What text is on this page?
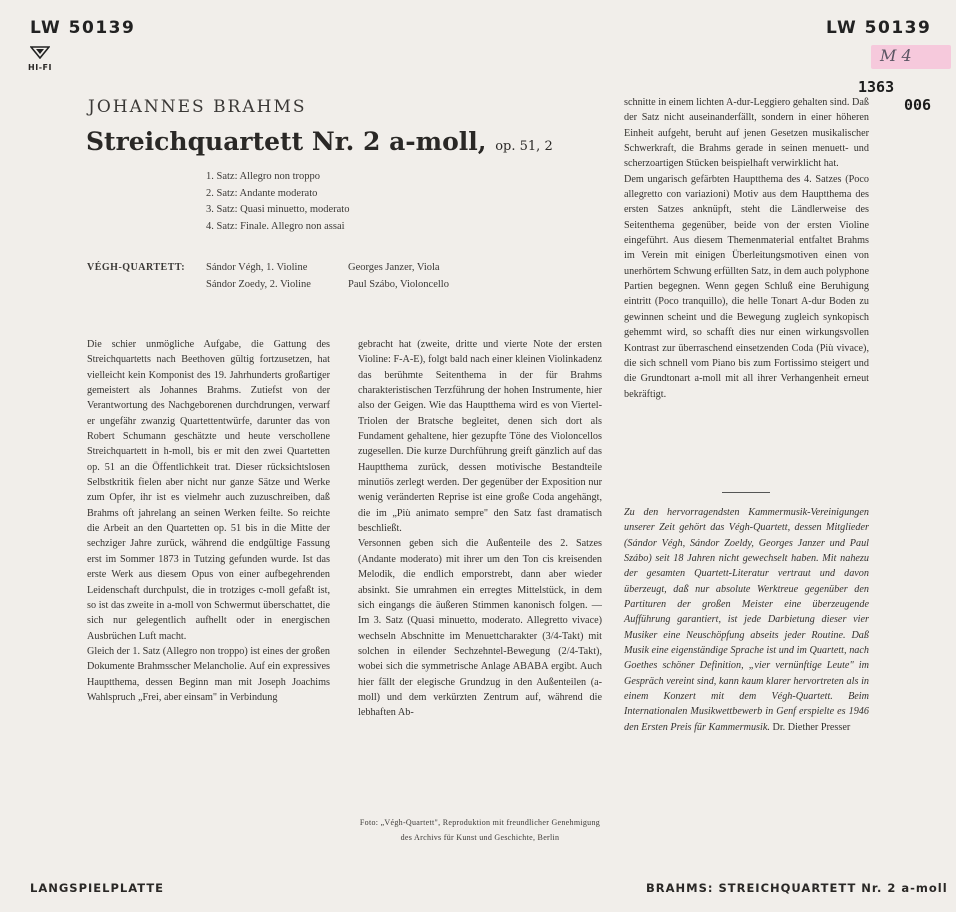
LW 50139
HI-FI
LW 50139
M 4
1363
006
JOHANNES BRAHMS
Streichquartett Nr. 2 a-moll, op. 51, 2
1. Satz: Allegro non troppo
2. Satz: Andante moderato
3. Satz: Quasi minuetto, moderato
4. Satz: Finale. Allegro non assai
VÉGH-QUARTETT: Sándor Végh, 1. Violine
Sándor Zoedy, 2. Violine
Georges Janzer, Viola
Paul Szábo, Violoncello

Die schier unmögliche Aufgabe, die Gattung des Streichquartetts nach Beethoven gültig fortzusetzen, hat vielleicht kein Komponist des 19. Jahrhunderts großartiger gemeistert als Johannes Brahms. Zutiefst von der Verantwortung des Nachgeborenen durchdrungen, verwarf er ungefähr zwanzig Quartettentwürfe, darunter das von Robert Schumann geschätzte und heute verschollene Streichquartett in h-moll, bis er mit den zwei Quartetten op. 51 an die Öffentlichkeit trat. Dieser rücksichtslosen Selbstkritik fielen aber nicht nur ganze Sätze und Werke zum Opfer, ihr ist es vielmehr auch zuzuschreiben, daß Brahms oft jahrelang an seinen Werken feilte. So reichte die Arbeit an den Quartetten op. 51 bis in die Mitte der sechziger Jahre zurück, während die endgültige Fassung erst im Sommer 1873 in Tutzing gefunden wurde. Ist das erste Werk aus diesem Opus von einer aufbegehrenden Leidenschaft durchpulst, die in trotziges c-moll gefaßt ist, so ist das zweite in a-moll von Schwermut überschattet, die sich nur gelegentlich aufhellt oder in energischen Ausbrüchen Luft macht.

Gleich der 1. Satz (Allegro non troppo) ist eines der großen Dokumente Brahmsscher Melancholie. Auf ein expressives Hauptthema, dessen Beginn man mit Joseph Joachims Wahlspruch „Frei, aber einsam" in Verbindung

gebracht hat (zweite, dritte und vierte Note der ersten Violine: F-A-E), folgt bald nach einer kleinen Violinkadenz das berühmte Seitenthema in der für Brahms charakteristischen Terzführung der hohen Instrumente, hier also der Geigen. Wie das Hauptthema wird es von Viertel-Triolen der Bratsche begleitet, denen sich dort als Fundament gehaltene, hier gezupfte Töne des Violoncellos zugesellen. Die kurze Durchführung greift gänzlich auf das Hauptthema zurück, dessen motivische Bestandteile minutiös zerlegt werden. Der gegenüber der Exposition nur wenig veränderten Reprise ist eine große Coda angehängt, die im „Più animato sempre" den Satz fast dramatisch beschließt.

Versonnen geben sich die Außenteile des 2. Satzes (Andante moderato) mit ihrer um den Ton cis kreisenden Melodik, die endlich emporstrebt, dann aber wieder absinkt. Sie umrahmen ein erregtes Mittelstück, in dem sich eingangs die äußeren Stimmen kanonisch folgen. — Im 3. Satz (Quasi minuetto, moderato. Allegretto vivace) wechseln Abschnitte im Menuettcharakter (3/4-Takt) mit solchen in eilender Sechzehntel-Bewegung (2/4-Takt), wobei sich die symmetrische Anlage ABABA ergibt. Auch hier fällt der elegische Grundzug in den Außenteilen (a-moll) und dem verkürzten Zentrum auf, während die lebhaften Ab-

schnitte in einem lichten A-dur-Leggiero gehalten sind. Daß der Satz nicht auseinanderfällt, sondern in einer höheren Einheit aufgeht, beruht auf jenen Gesetzen musikalischer Schwerkraft, die Brahms gerade in seinen menuett- und scherzoartigen Stücken beispielhaft verwirklicht hat.

Dem ungarisch gefärbten Hauptthema des 4. Satzes (Poco allegretto con variazioni) Motiv aus dem Hauptthema des ersten Satzes anknüpft, steht die Ländlerweise des Seitenthema gegenüber, beide von der ersten Violine eingeführt. Aus diesem Themenmaterial entfaltet Brahms im Verein mit einigen Überleitungsmotiven einen von unerhörtem Schwung erfüllten Satz, in dem auch polyphone Partien begegnen. Wenn gegen Schluß eine Beruhigung eintritt (Poco tranquillo), die helle Tonart A-dur Boden zu gewinnen scheint und die Bewegung zugleich synkopisch gehemmt wird, so schafft dies nur einen wirkungsvollen Kontrast zur überraschend einsetzenden Coda (Più vivace), die sich schnell vom Piano bis zum Fortissimo steigert und die Grundtonart a-moll mit all ihrer Verhangenheit erneut bekräftigt.

Zu den hervorragendsten Kammermusik-Vereinigungen unserer Zeit gehört das Végh-Quartett, dessen Mitglieder (Sándor Végh, Sándor Zoeldy, Georges Janzer und Paul Szábo) seit 18 Jahren nicht gewechselt haben. Mit nahezu der gesamten Quartett-Literatur vertraut und davon überzeugt, daß nur absolute Werktreue gegenüber den Partituren der großen Meister eine überzeugende Aufführung garantiert, ist jede Darbietung dieser vier Musiker eine Neuschöpfung abseits jeder Routine. Daß Musik eine eigenständige Sprache ist und im Quartett, nach Goethes schöner Definition, „vier vernünftige Leute" im Gespräch vereint sind, kann kaum klarer hervortreten als in einem Konzert mit dem Végh-Quartett. Beim Internationalen Musikwettbewerb in Genf erspielte es 1946 den Ersten Preis für Kammermusik. Dr. Diether Presser

Foto: „Végh-Quartett", Reproduktion mit freundlicher Genehmigung
des Archivs für Kunst und Geschichte, Berlin
LANGSPIELPLATTE	BRAHMS: STREICHQUARTETT Nr. 2 a-moll
